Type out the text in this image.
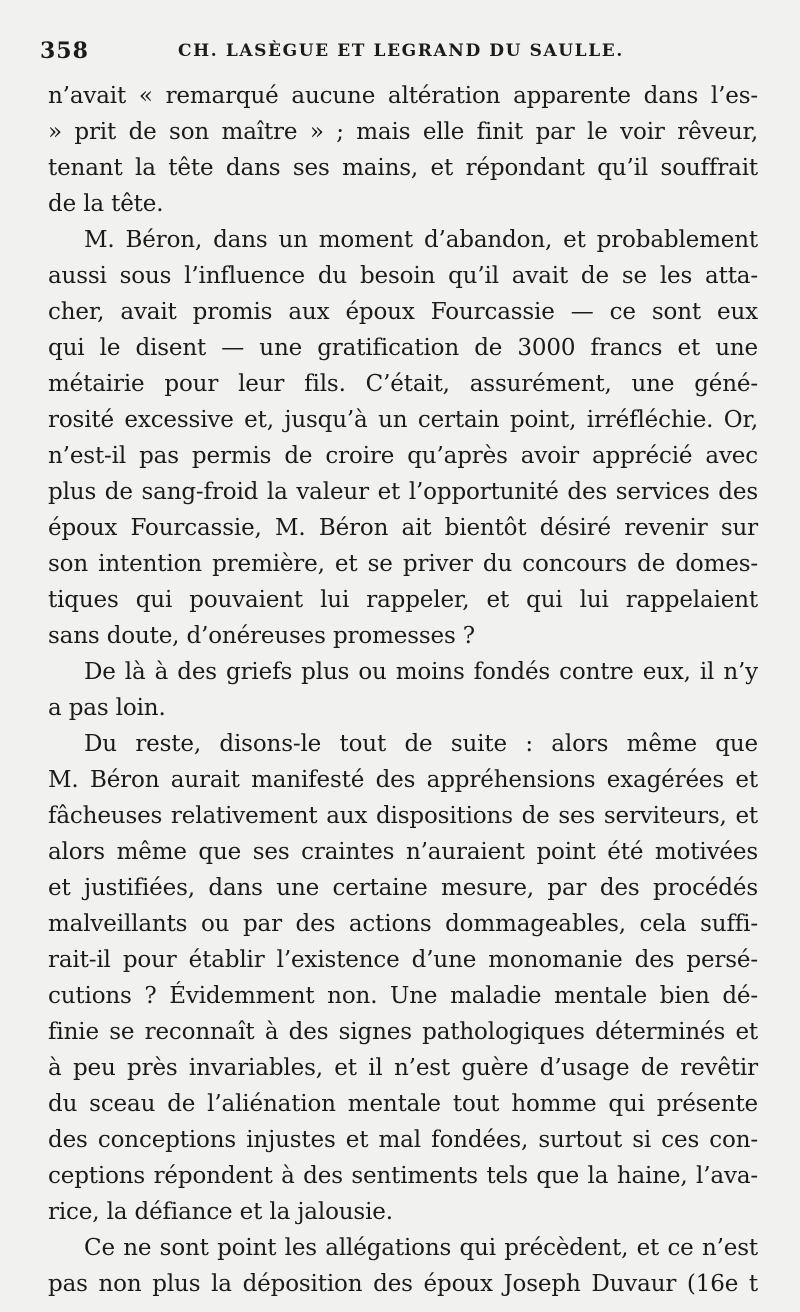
358	CH. LASÈGUE ET LEGRAND DU SAULLE.
n’avait « remarqué aucune altération apparente dans l’es-
» prit de son maître » ; mais elle finit par le voir rêveur,
tenant la tête dans ses mains, et répondant qu’il souffrait
de la tête.
M. Béron, dans un moment d’abandon, et probablement
aussi sous l’influence du besoin qu’il avait de se les atta-
cher, avait promis aux époux Fourcassie — ce sont eux
qui le disent — une gratification de 3000 francs et une
métairie pour leur fils. C’était, assurément, une géné-
rosité excessive et, jusqu’à un certain point, irréfléchie. Or,
n’est-il pas permis de croire qu’après avoir apprécié avec
plus de sang-froid la valeur et l’opportunité des services des
époux Fourcassie, M. Béron ait bientôt désiré revenir sur
son intention première, et se priver du concours de domes-
tiques qui pouvaient lui rappeler, et qui lui rappelaient
sans doute, d’onéreuses promesses ?
De là à des griefs plus ou moins fondés contre eux, il n’y
a pas loin.
Du reste, disons-le tout de suite : alors même que
M. Béron aurait manifesté des appréhensions exagérées et
fâcheuses relativement aux dispositions de ses serviteurs, et
alors même que ses craintes n’auraient point été motivées
et justifiées, dans une certaine mesure, par des procédés
malveillants ou par des actions dommageables, cela suffi-
rait-il pour établir l’existence d’une monomanie des persé-
cutions ? Évidemment non. Une maladie mentale bien dé-
finie se reconnaît à des signes pathologiques déterminés et
à peu près invariables, et il n’est guère d’usage de revêtir
du sceau de l’aliénation mentale tout homme qui présente
des conceptions injustes et mal fondées, surtout si ces con-
ceptions répondent à des sentiments tels que la haine, l’ava-
rice, la défiance et la jalousie.
Ce ne sont point les allégations qui précèdent, et ce n’est
pas non plus la déposition des époux Joseph Duvaur (16e t
